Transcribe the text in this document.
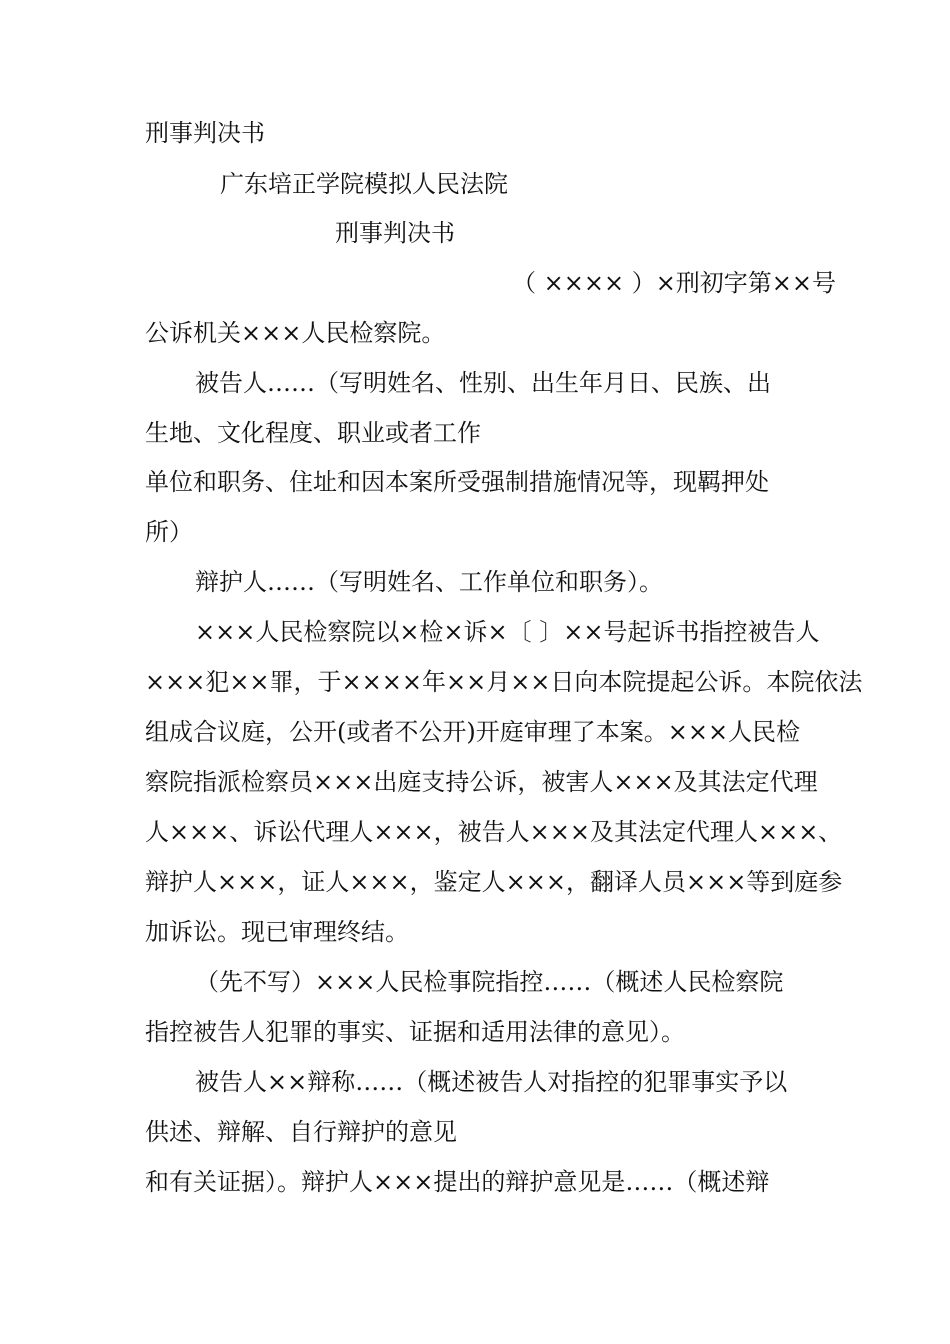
刑事判决书
广东培正学院模拟人民法院
刑事判决书
（ ×××× ）×刑初字第××号
公诉机关×××人民检察院。
被告人……（写明姓名、性别、出生年月日、民族、出
生地、文化程度、职业或者工作
单位和职务、住址和因本案所受强制措施情况等，现羁押处
所）
辩护人……（写明姓名、工作单位和职务）。
×××人民检察院以×检×诉×〔 〕××号起诉书指控被告人
×××犯××罪，于××××年××月××日向本院提起公诉。本院依法
组成合议庭，公开(或者不公开)开庭审理了本案。×××人民检
察院指派检察员×××出庭支持公诉，被害人×××及其法定代理
人×××、诉讼代理人×××，被告人×××及其法定代理人×××、
辩护人×××，证人×××，鉴定人×××，翻译人员×××等到庭参
加诉讼。现已审理终结。
（先不写）×××人民检事院指控……（概述人民检察院
指控被告人犯罪的事实、证据和适用法律的意见）。
被告人××辩称……（概述被告人对指控的犯罪事实予以
供述、辩解、自行辩护的意见
和有关证据）。辩护人×××提出的辩护意见是……（概述辩
